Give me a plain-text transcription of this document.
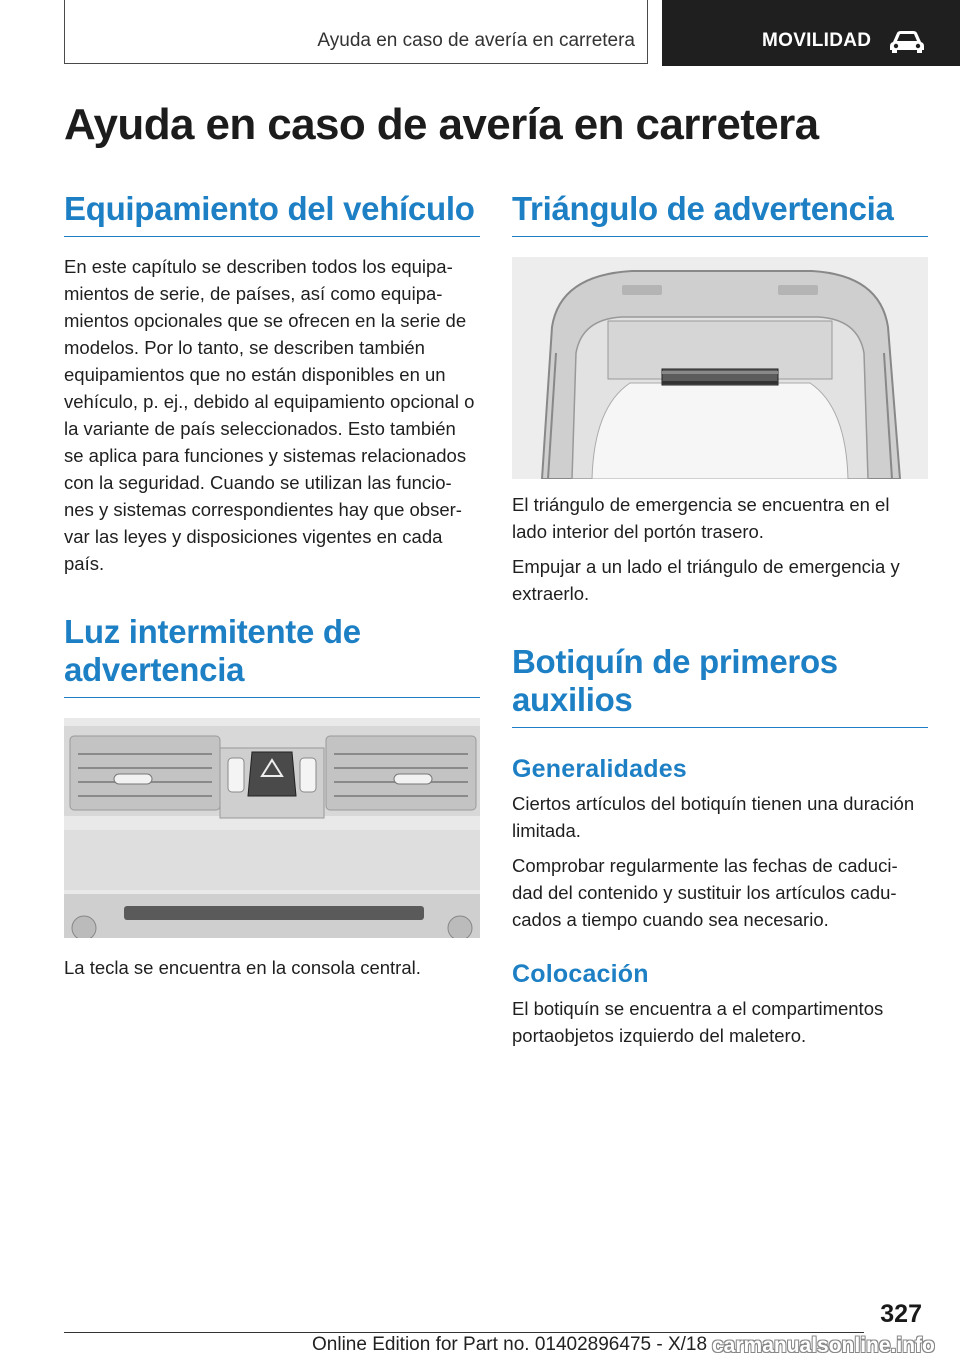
Ayuda en caso de avería en carretera	MOVILIDAD
Ayuda en caso de avería en carretera
Equipamiento del vehículo

En este capítulo se describen todos los equipa- mientos de serie, de países, así como equipa- mientos opcionales que se ofrecen en la serie de modelos. Por lo tanto, se describen también equipamientos que no están disponibles en un vehículo, p. ej., debido al equipamiento opcional o la variante de país seleccionados. Esto también se aplica para funciones y sistemas relacionados con la seguridad. Cuando se utilizan las funcio- nes y sistemas correspondientes hay que obser- var las leyes y disposiciones vigentes en cada país.

Luz intermitente de advertencia

La tecla se encuentra en la consola central.

Triángulo de advertencia

El triángulo de emergencia se encuentra en el lado interior del portón trasero.

Empujar a un lado el triángulo de emergencia y extraerlo.

Botiquín de primeros auxilios
Generalidades

Ciertos artículos del botiquín tienen una duración limitada.

Comprobar regularmente las fechas de caduci- dad del contenido y sustituir los artículos cadu- cados a tiempo cuando sea necesario.

Colocación

El botiquín se encuentra a el compartimentos portaobjetos izquierdo del maletero.

327
Online Edition for Part no. 01402896475 - X/18 carmanualsonline.info
